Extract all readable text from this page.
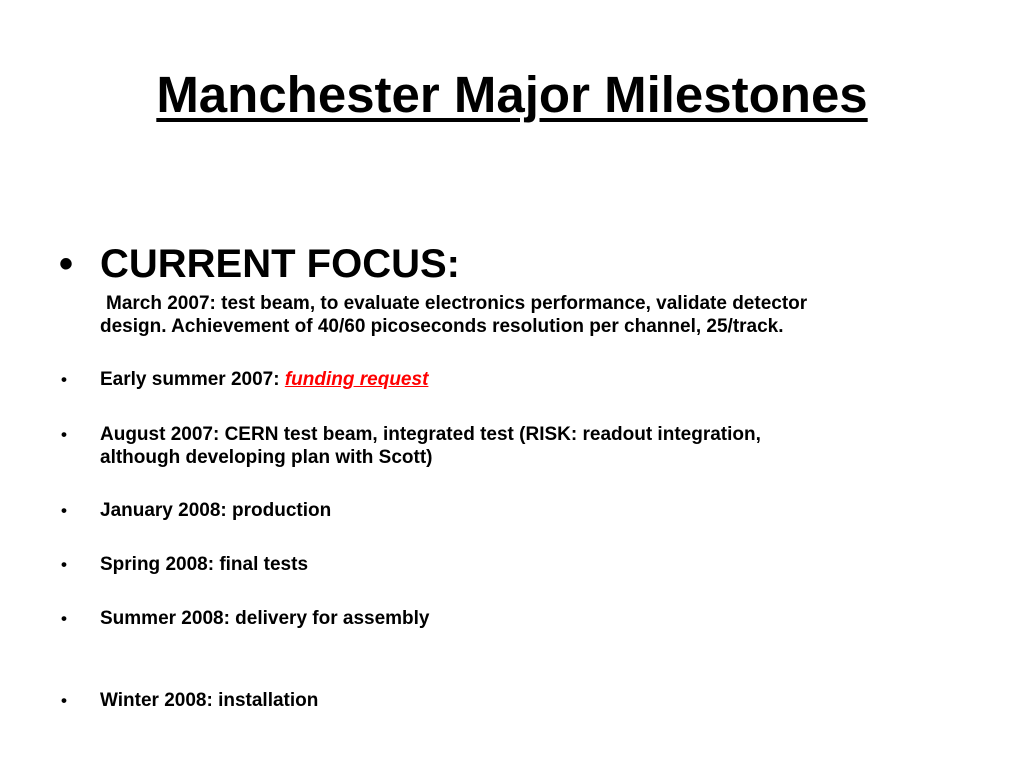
Manchester Major Milestones
• CURRENT FOCUS:
March 2007: test beam, to evaluate electronics performance, validate detector
design. Achievement of 40/60 picoseconds resolution per channel, 25/track.
• Early summer 2007: funding request
• August 2007: CERN test beam, integrated test (RISK: readout integration,
although developing plan with Scott)
• January 2008: production
• Spring 2008: final tests
• Summer 2008: delivery for assembly
• Winter 2008: installation
